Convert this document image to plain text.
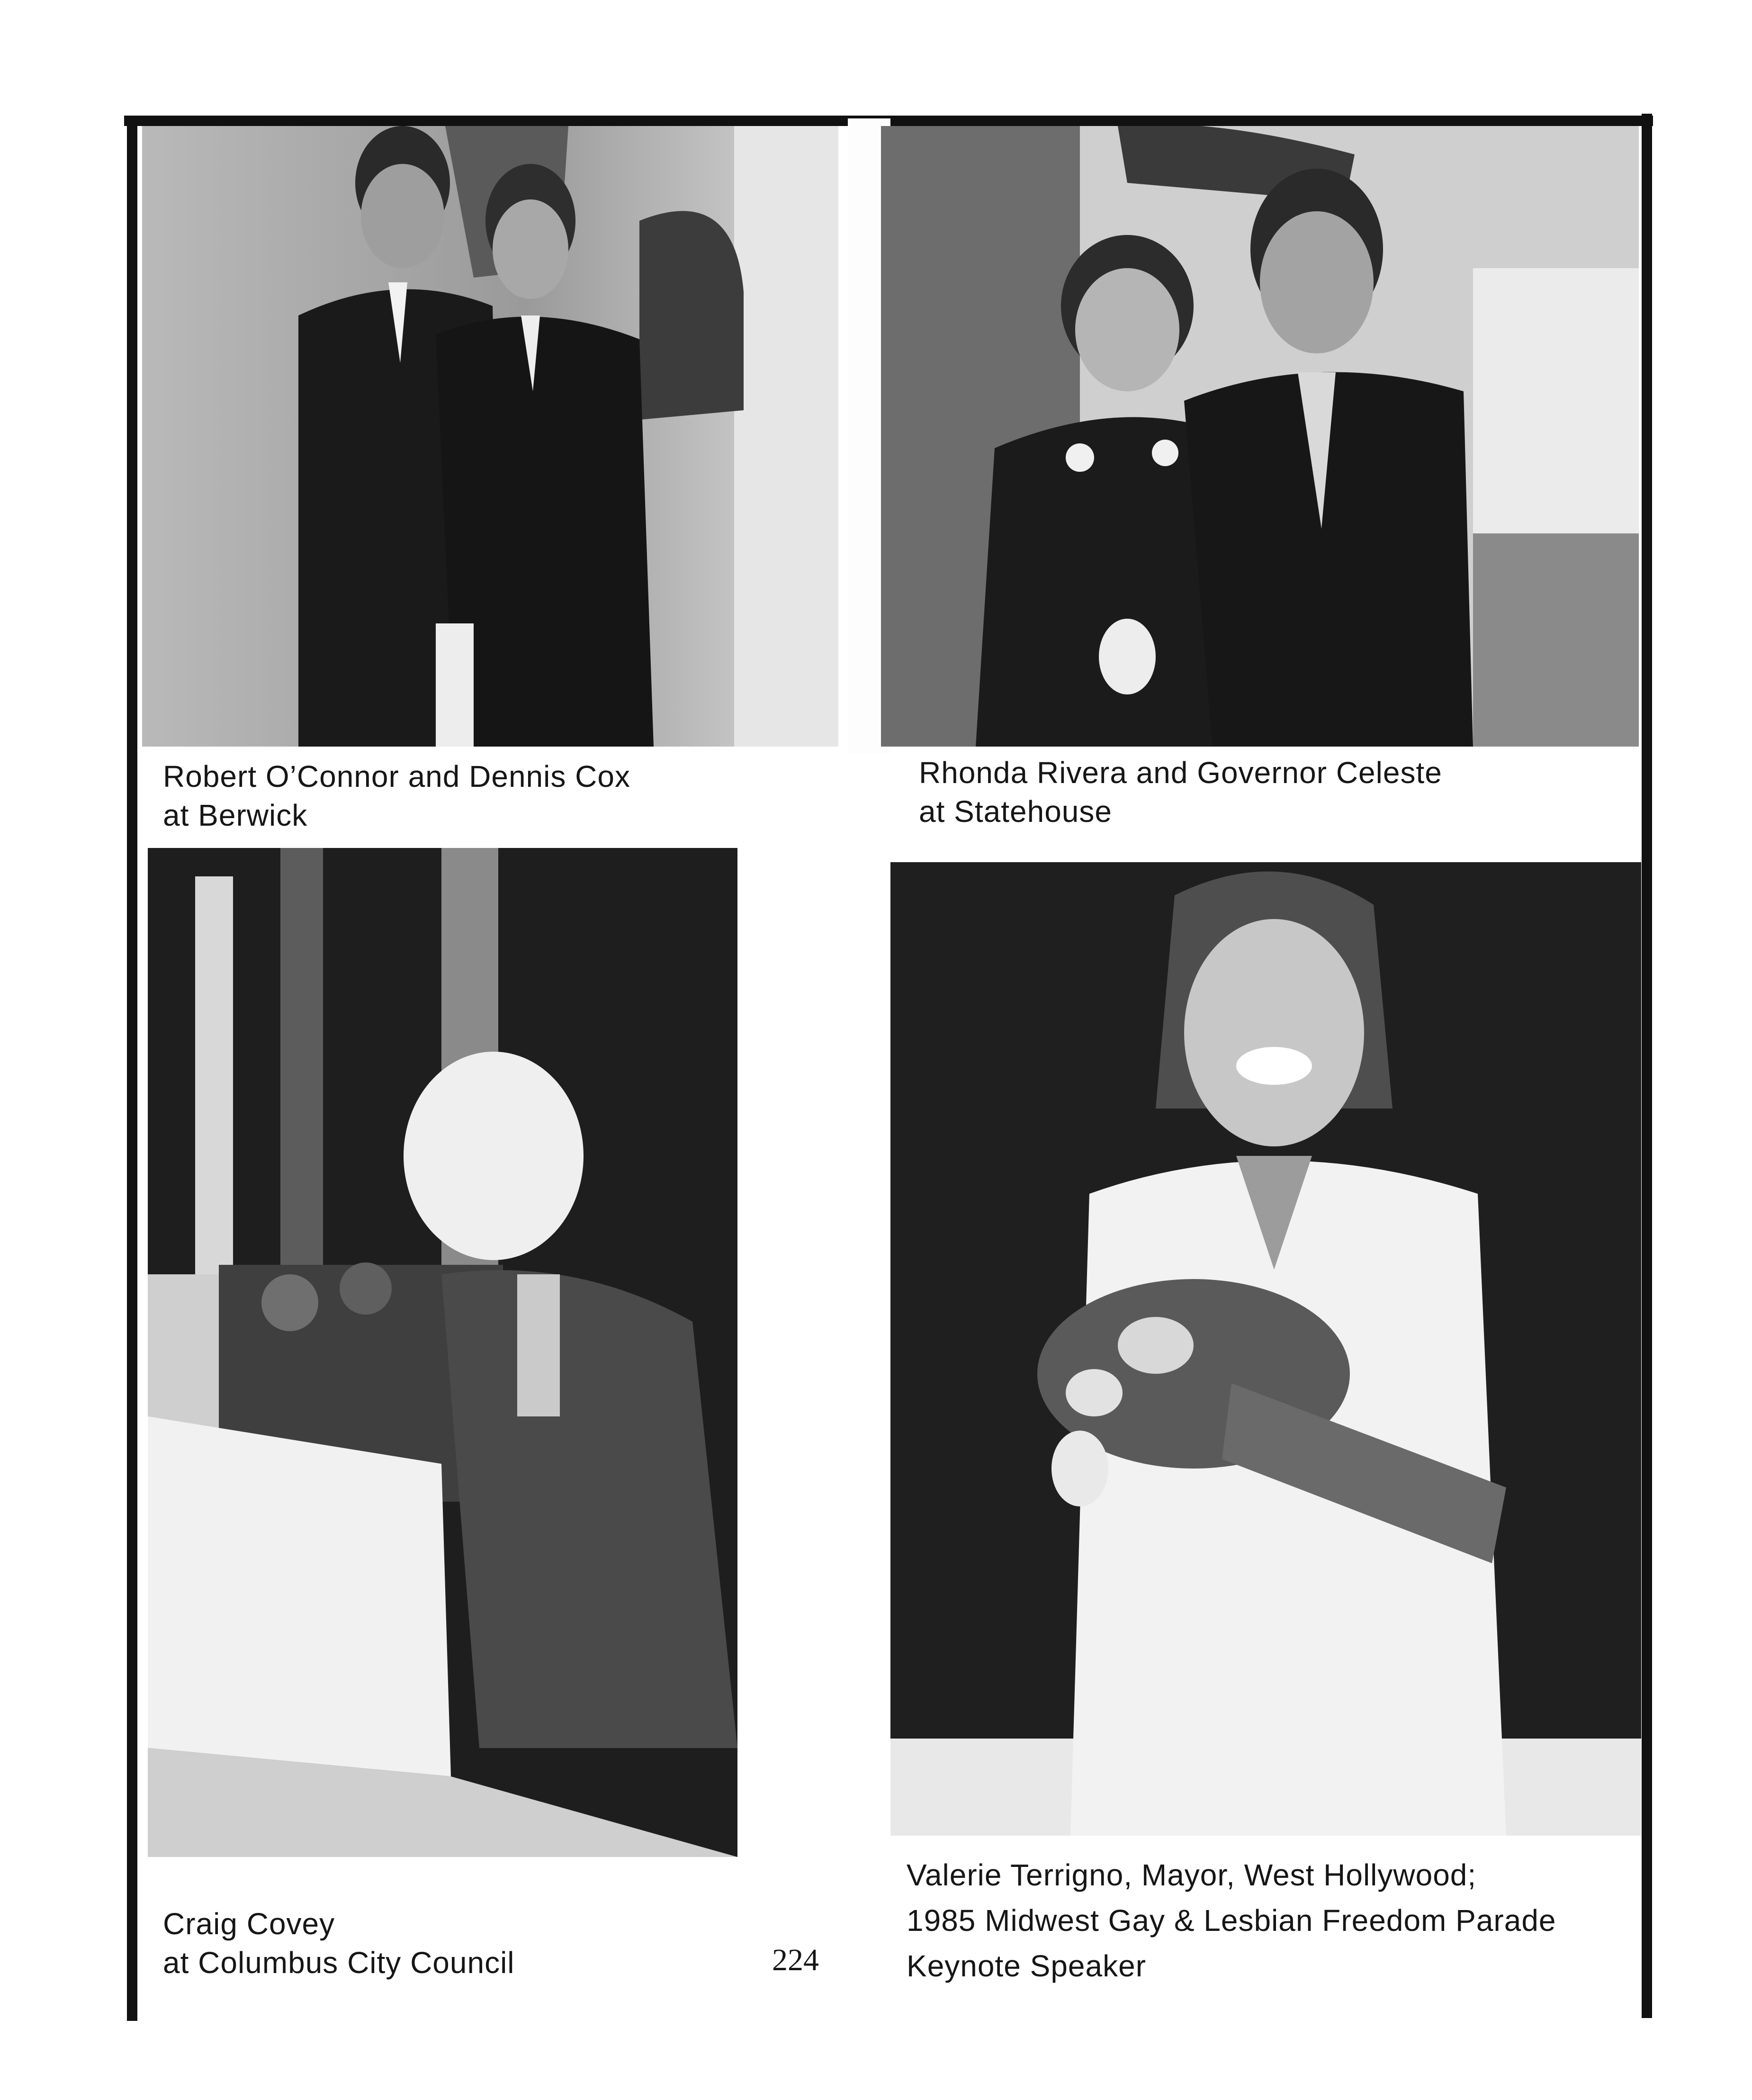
Robert O’Connor and Dennis Cox
at Berwick
Rhonda Rivera and Governor Celeste
at Statehouse
Craig Covey
at Columbus City Council
Valerie Terrigno, Mayor, West Hollywood;
1985 Midwest Gay & Lesbian Freedom Parade
Keynote Speaker
224
